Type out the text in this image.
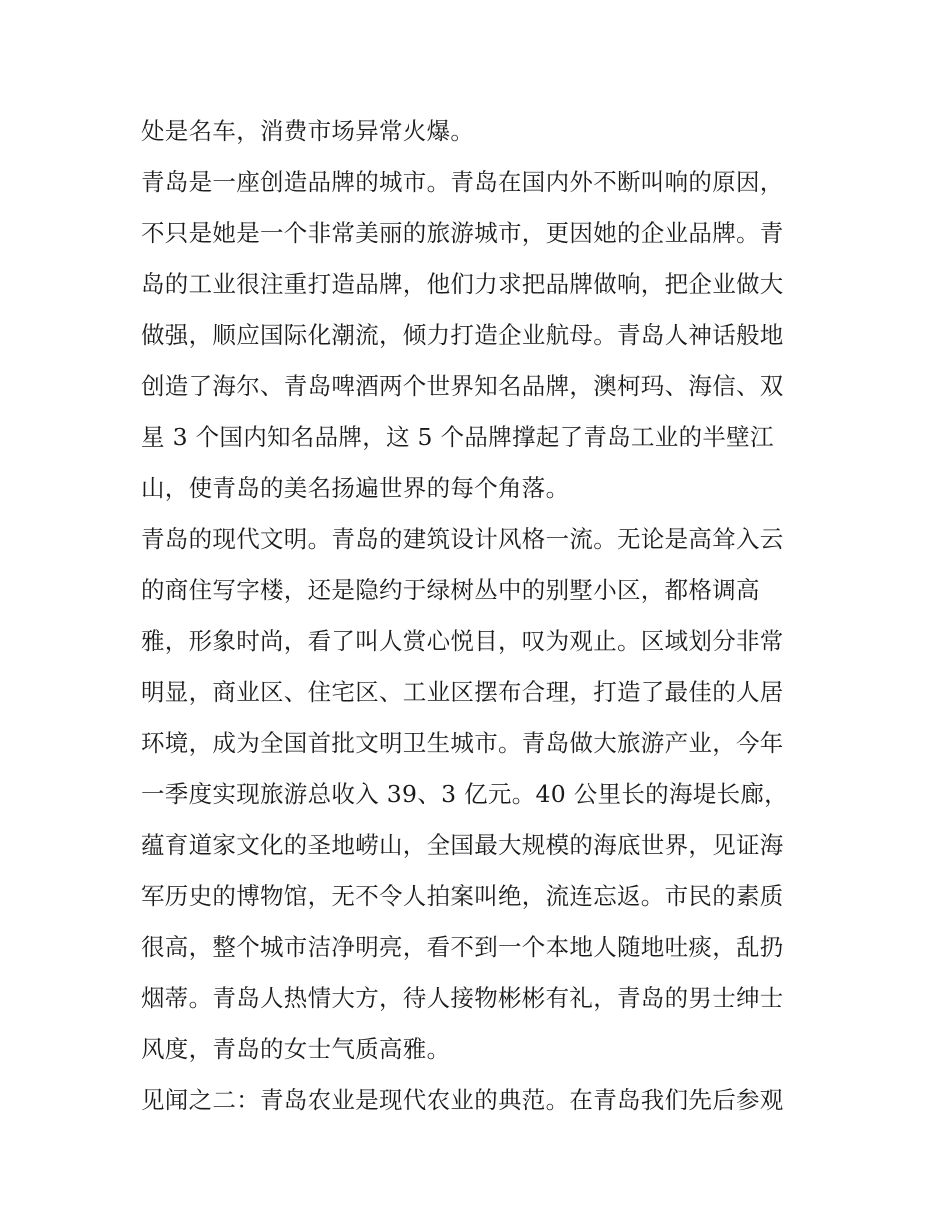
处是名车，消费市场异常火爆。
青岛是一座创造品牌的城市。青岛在国内外不断叫响的原因，
不只是她是一个非常美丽的旅游城市，更因她的企业品牌。青
岛的工业很注重打造品牌，他们力求把品牌做响，把企业做大
做强，顺应国际化潮流，倾力打造企业航母。青岛人神话般地
创造了海尔、青岛啤酒两个世界知名品牌，澳柯玛、海信、双
星 3 个国内知名品牌，这 5 个品牌撑起了青岛工业的半壁江
山，使青岛的美名扬遍世界的每个角落。
青岛的现代文明。青岛的建筑设计风格一流。无论是高耸入云
的商住写字楼，还是隐约于绿树丛中的别墅小区，都格调高
雅，形象时尚，看了叫人赏心悦目，叹为观止。区域划分非常
明显，商业区、住宅区、工业区摆布合理，打造了最佳的人居
环境，成为全国首批文明卫生城市。青岛做大旅游产业，今年
一季度实现旅游总收入 39、3 亿元。40 公里长的海堤长廊，
蕴育道家文化的圣地崂山，全国最大规模的海底世界，见证海
军历史的博物馆，无不令人拍案叫绝，流连忘返。市民的素质
很高，整个城市洁净明亮，看不到一个本地人随地吐痰，乱扔
烟蒂。青岛人热情大方，待人接物彬彬有礼，青岛的男士绅士
风度，青岛的女士气质高雅。
见闻之二：青岛农业是现代农业的典范。在青岛我们先后参观
